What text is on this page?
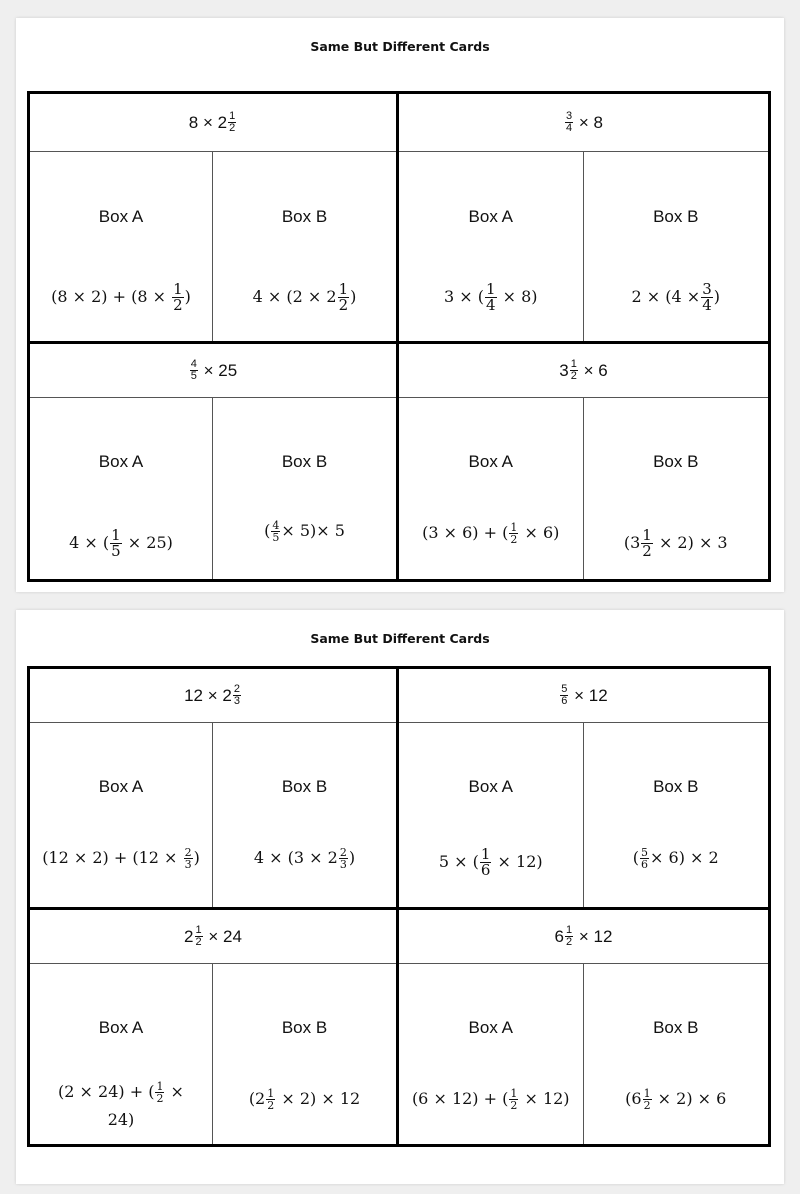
Same But Different Cards
$8 \times 2 \frac{1}{2}$
Box A
$(8 \times 2) + (8 \times \frac{1}{2}$ )
Box B
$4 \times (2 \times 2 \frac{1}{2}$ )
$\frac{3}{4}$
× 8
Box A
3 × ( $\frac{1}{4} \times 8$)
Box B
$2 \times (4 \times \frac{3}{4}$ )
$\frac{4}{5}$
× 25
Box A
4 × ( $\frac{1}{5} \times 25$)
Box B
( $\frac{4}{5} \times 5)\times 5$
$3 \frac{1}{2}$
× 6
Box A
(3 × 6) + ( $\frac{1}{2} \times 6$)
Box B
$(3 \frac{1}{2} \times 2) \times 3$
Same But Different Cards
$12 \times 2 \frac{2}{3}$
Box A
$(12 \times 2) + (12 \times \frac{2}{3}$ )
Box B
$4 \times (3 \times 2 \frac{2}{3}$ )
$\frac{5}{6}$
× 12
Box A
5 × ( $\frac{1}{6} \times 12$)
Box B
( $\frac{5}{6} \times 6) \times 2$
$2 \frac{1}{2}$
× 24
Box A
(2 × 24) + ( $\frac{1}{2} \times 24$)
Box B
$(2 \frac{1}{2} \times 2) \times 12$
$6 \frac{1}{2}$
× 12
Box A
(6 × 12) + ( $\frac{1}{2} \times 12$)
Box B
$(6 \frac{1}{2} \times 2) \times 6$
